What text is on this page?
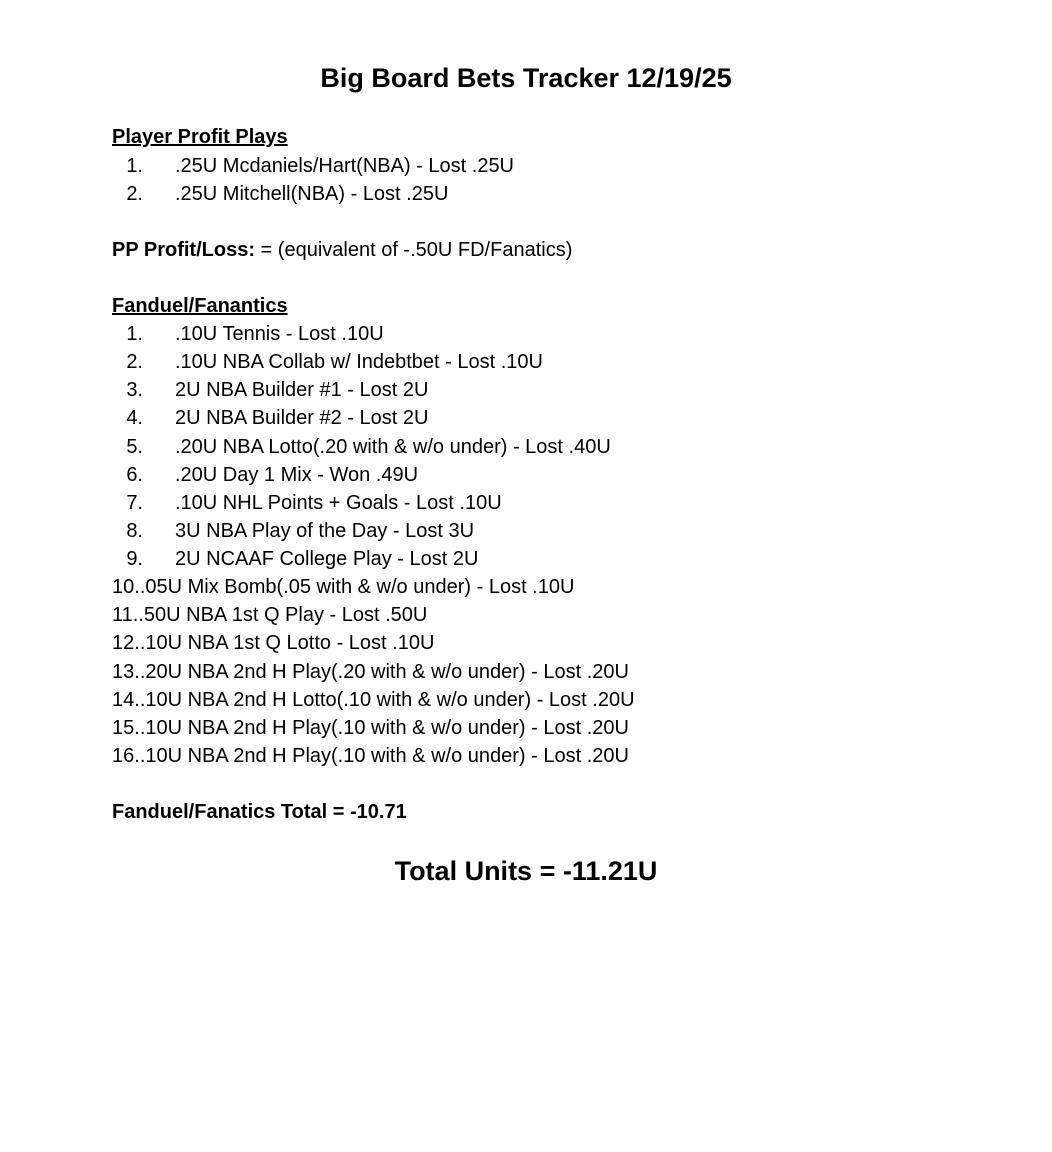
Big Board Bets Tracker 12/19/25
Player Profit Plays
1. .25U Mcdaniels/Hart(NBA) - Lost .25U
2. .25U Mitchell(NBA) - Lost .25U

PP Profit/Loss: = (equivalent of -.50U FD/Fanatics)

Fanduel/Fanantics
1. .10U Tennis - Lost .10U
2. .10U NBA Collab w/ Indebtbet - Lost .10U
3. 2U NBA Builder #1 - Lost 2U
4. 2U NBA Builder #2 - Lost 2U
5. .20U NBA Lotto(.20 with & w/o under) - Lost .40U
6. .20U Day 1 Mix - Won .49U
7. .10U NHL Points + Goals - Lost .10U
8. 3U NBA Play of the Day - Lost 3U
9. 2U NCAAF College Play - Lost 2U
10. .05U Mix Bomb(.05 with & w/o under) - Lost .10U
11. .50U NBA 1st Q Play - Lost .50U
12. .10U NBA 1st Q Lotto - Lost .10U
13. .20U NBA 2nd H Play(.20 with & w/o under) - Lost .20U
14. .10U NBA 2nd H Lotto(.10 with & w/o under) - Lost .20U
15. .10U NBA 2nd H Play(.10 with & w/o under) - Lost .20U
16. .10U NBA 2nd H Play(.10 with & w/o under) - Lost .20U

Fanduel/Fanatics Total = -10.71

Total Units = -11.21U
